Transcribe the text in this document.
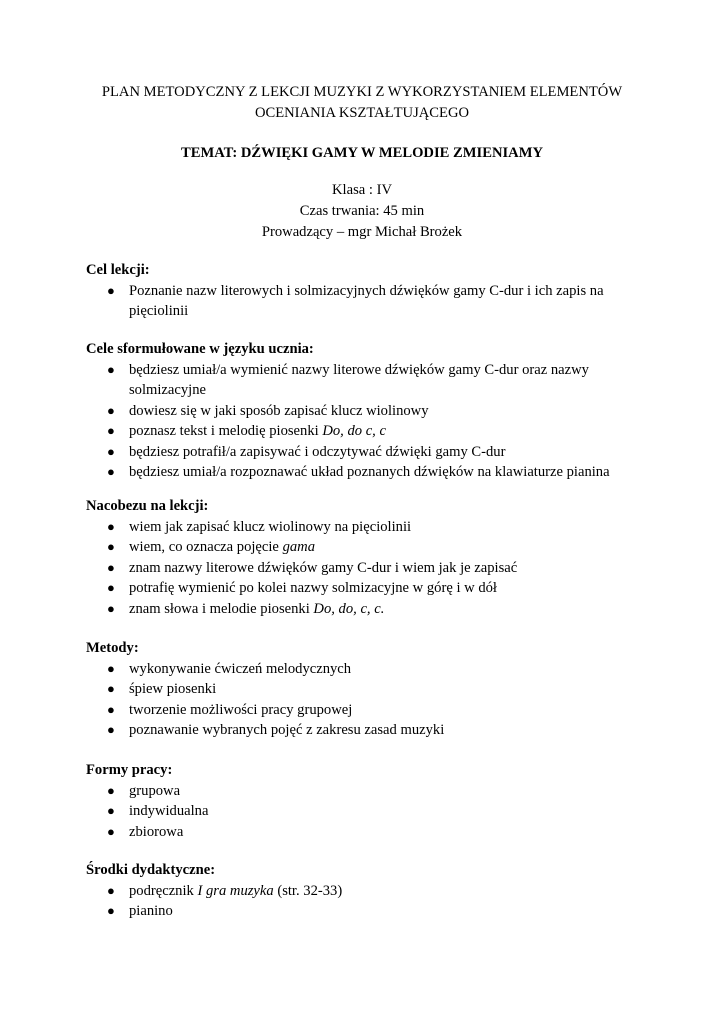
PLAN METODYCZNY Z LEKCJI MUZYKI Z WYKORZYSTANIEM ELEMENTÓW
OCENIANIA KSZTAŁTUJĄCEGO
TEMAT: DŹWIĘKI GAMY W MELODIE ZMIENIAMY
Klasa : IV
Czas trwania: 45 min
Prowadzący – mgr Michał Brożek
Cel lekcji:
● Poznanie nazw literowych i solmizacyjnych dźwięków gamy C-dur i ich zapis na pięciolinii
Cele sformułowane w języku ucznia:
● będziesz umiał/a wymienić nazwy literowe dźwięków gamy C-dur oraz nazwy solmizacyjne
● dowiesz się w jaki sposób zapisać klucz wiolinowy
● poznasz tekst i melodię piosenki Do, do c, c
● będziesz potrafił/a zapisywać i odczytywać dźwięki gamy C-dur
● będziesz umiał/a rozpoznawać układ poznanych dźwięków na klawiaturze pianina
Nacobezu na lekcji:
● wiem jak zapisać klucz wiolinowy na pięciolinii
● wiem, co oznacza pojęcie gama
● znam nazwy literowe dźwięków gamy C-dur i wiem jak je zapisać
● potrafię wymienić po kolei nazwy solmizacyjne w górę i w dół
● znam słowa i melodie piosenki Do, do, c, c.
Metody:
● wykonywanie ćwiczeń melodycznych
● śpiew piosenki
● tworzenie możliwości pracy grupowej
● poznawanie wybranych pojęć z zakresu zasad muzyki
Formy pracy:
● grupowa
● indywidualna
● zbiorowa
Środki dydaktyczne:
● podręcznik I gra muzyka (str. 32-33)
● pianino
